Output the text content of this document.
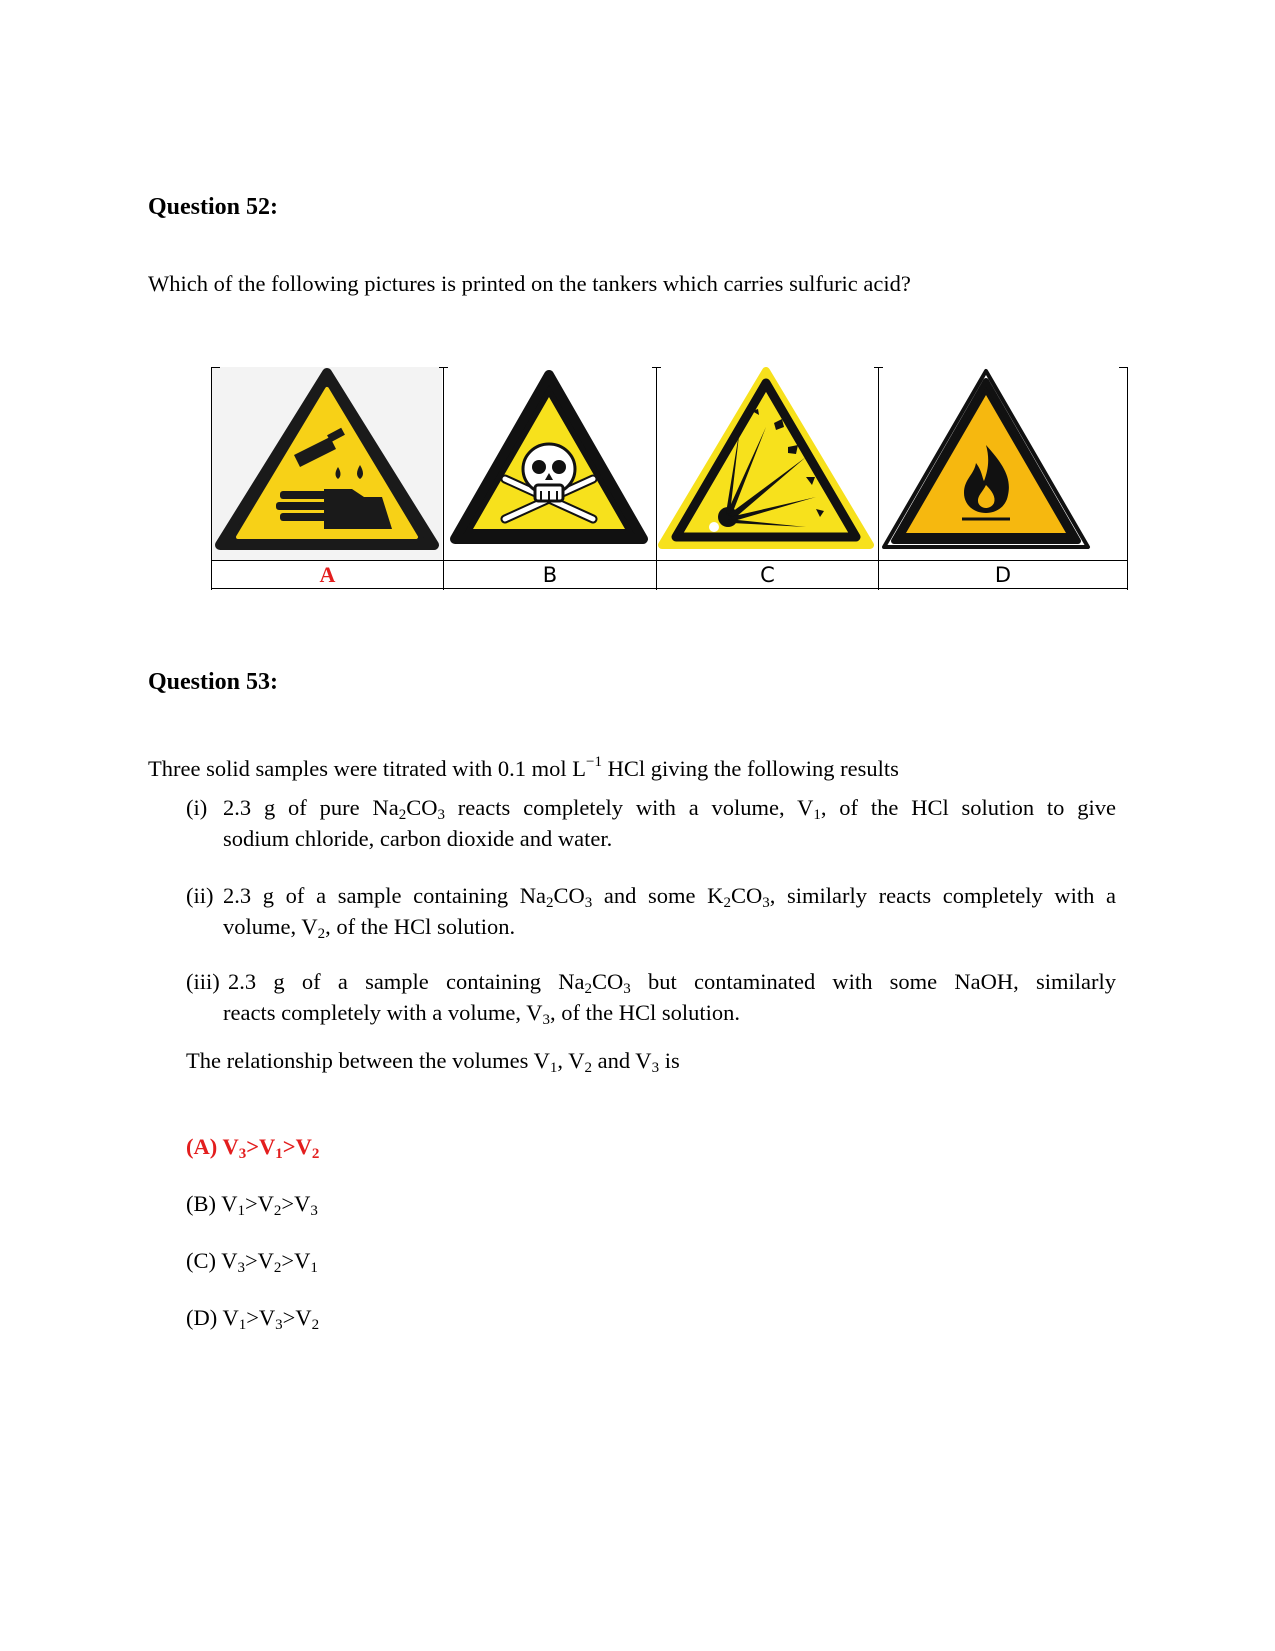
Question 52:
Which of the following pictures is printed on the tankers which carries sulfuric acid?
A	B	C	D
Question 53:
Three solid samples were titrated with 0.1 mol $L^{-1}$ HCl giving the following results
(i) 2.3 g of pure $Na_2CO_3$ reacts completely with a volume, $V_1$, of the HCl solution to give
sodium chloride, carbon dioxide and water.
(ii) 2.3 g of a sample containing $Na_2CO_3$ and some $K_2CO_3$, similarly reacts completely with a
volume, $V_2$, of the HCl solution.
(iii) 2.3 g of a sample containing $Na_2CO_3$ but contaminated with some NaOH, similarly
reacts completely with a volume, $V_3$, of the HCl solution.
The relationship between the volumes $V_1$, $V_2$ and $V_3$ is
(A) $V_3>V_1>V_2$
(B) $V_1>V_2>V_3$
(C) $V_3>V_2>V_1$
(D) $V_1>V_3>V_2$
